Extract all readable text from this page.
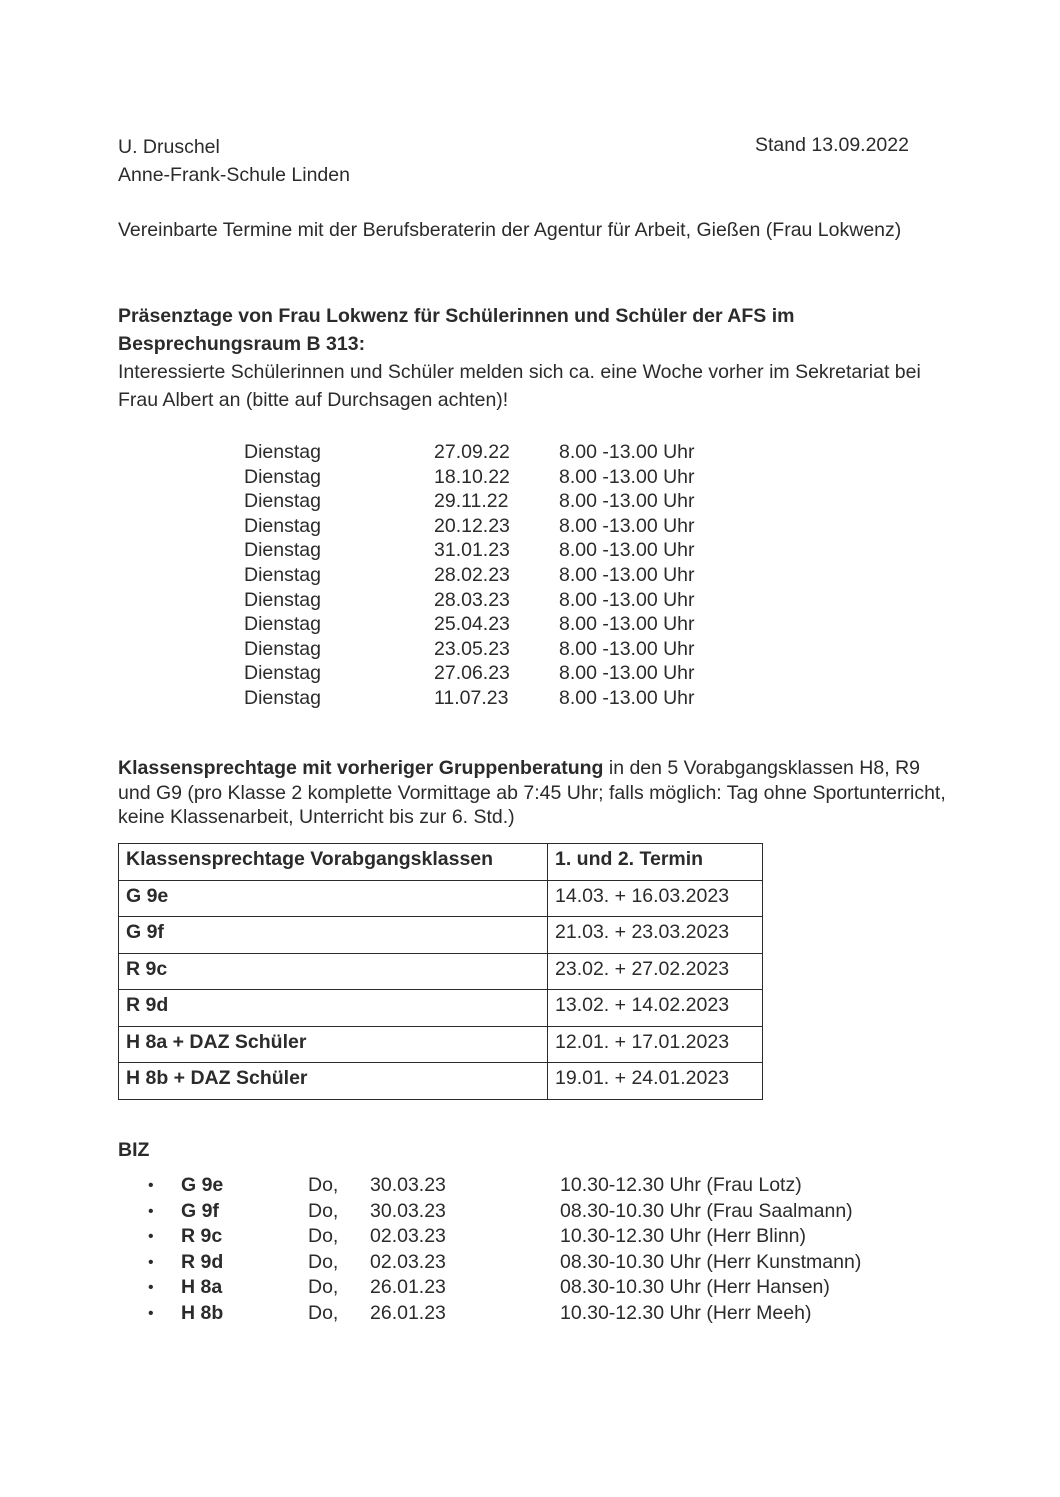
U. Druschel
Anne-Frank-Schule Linden
Stand 13.09.2022
Vereinbarte Termine mit der Berufsberaterin der Agentur für Arbeit, Gießen (Frau Lokwenz)
Präsenztage von Frau Lokwenz für Schülerinnen und Schüler der AFS im Besprechungsraum B 313:
Interessierte Schülerinnen und Schüler melden sich ca. eine Woche vorher im Sekretariat bei Frau Albert an (bitte auf Durchsagen achten)!
Dienstag	27.09.22	8.00 -13.00 Uhr
Dienstag	18.10.22	8.00 -13.00 Uhr
Dienstag	29.11.22	8.00 -13.00 Uhr
Dienstag	20.12.23	8.00 -13.00 Uhr
Dienstag	31.01.23	8.00 -13.00 Uhr
Dienstag	28.02.23	8.00 -13.00 Uhr
Dienstag	28.03.23	8.00 -13.00 Uhr
Dienstag	25.04.23	8.00 -13.00 Uhr
Dienstag	23.05.23	8.00 -13.00 Uhr
Dienstag	27.06.23	8.00 -13.00 Uhr
Dienstag	11.07.23	8.00 -13.00 Uhr
Klassensprechtage mit vorheriger Gruppenberatung in den 5 Vorabgangsklassen H8, R9 und G9 (pro Klasse 2 komplette Vormittage ab 7:45 Uhr; falls möglich: Tag ohne Sportunterricht, keine Klassenarbeit, Unterricht bis zur 6. Std.)
Klassensprechtage Vorabgangsklassen	1. und 2. Termin
G 9e	14.03. + 16.03.2023
G 9f	21.03. + 23.03.2023
R 9c	23.02. + 27.02.2023
R 9d	13.02. + 14.02.2023
H 8a + DAZ Schüler	12.01. + 17.01.2023
H 8b + DAZ Schüler	19.01. + 24.01.2023
BIZ
• G 9e	Do, 30.03.23	10.30-12.30 Uhr (Frau Lotz)
• G 9f	Do, 30.03.23	08.30-10.30 Uhr (Frau Saalmann)
• R 9c	Do, 02.03.23	10.30-12.30 Uhr (Herr Blinn)
• R 9d	Do, 02.03.23	08.30-10.30 Uhr (Herr Kunstmann)
• H 8a	Do, 26.01.23	08.30-10.30 Uhr (Herr Hansen)
• H 8b	Do, 26.01.23	10.30-12.30 Uhr (Herr Meeh)
